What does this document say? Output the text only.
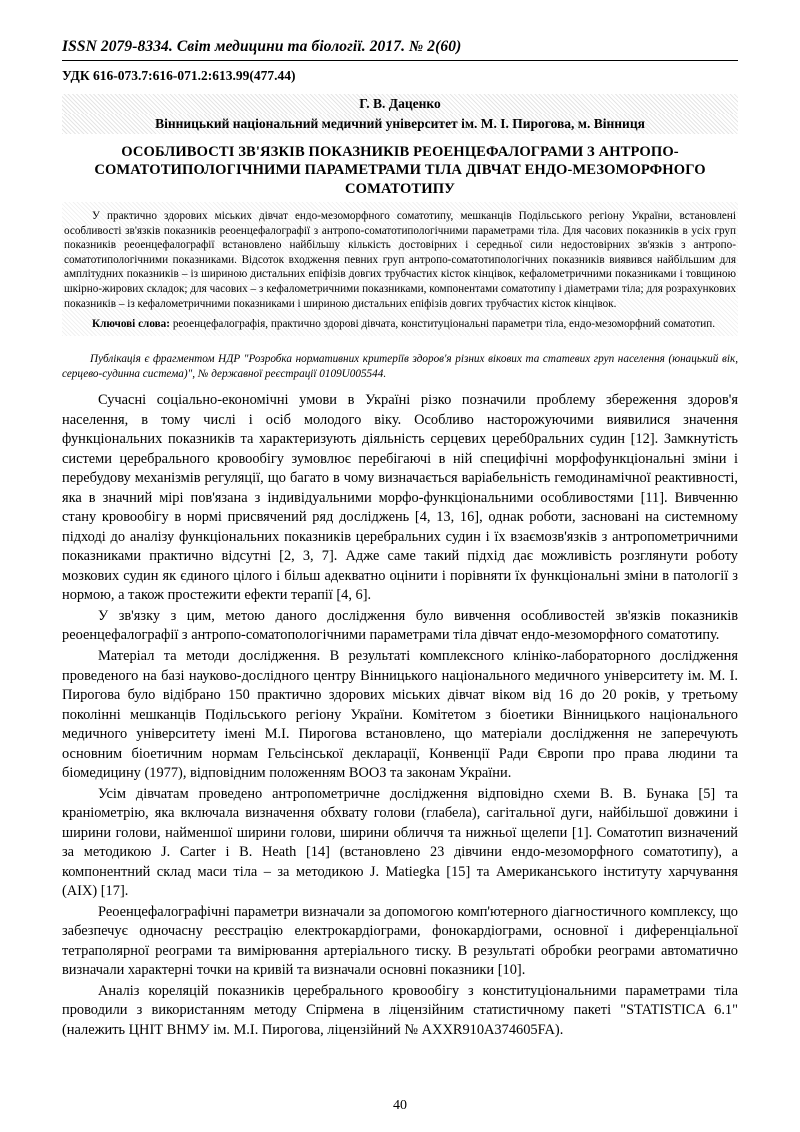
ISSN 2079-8334. Світ медицини та біології. 2017. № 2(60)
УДК 616-073.7:616-071.2:613.99(477.44)
Г. В. Даценко
Вінницький національний медичний університет ім. М. І. Пирогова, м. Вінниця
ОСОБЛИВОСТІ ЗВ'ЯЗКІВ ПОКАЗНИКІВ РЕОЕНЦЕФАЛОГРАМИ З АНТРОПО-СОМАТОТИПОЛОГІЧНИМИ ПАРАМЕТРАМИ ТІЛА ДІВЧАТ ЕНДО-МЕЗОМОРФНОГО СОМАТОТИПУ

У практично здорових міських дівчат ендо-мезоморфного соматотипу, мешканців Подільського регіону України, встановлені особливості зв'язків показників реоенцефалографії з антропо-соматотипологічними параметрами тіла. Для часових показників в усіх груп показників реоенцефалографії встановлено найбільшу кількість достовірних і середньої сили недостовірних зв'язків з антропо-соматотипологічними показниками. Відсоток входження певних груп антропо-соматотипологічних показників виявився найбільшим для амплітудних показників – із шириною дистальних епіфізів довгих трубчастих кісток кінцівок, кефалометричними показниками і товщиною шкірно-жирових складок; для часових – з кефалометричними показниками, компонентами соматотипу і діаметрами тіла; для розрахункових показників – із кефалометричними показниками і шириною дистальних епіфізів довгих трубчастих кісток кінцівок.

Ключові слова: реоенцефалографія, практично здорові дівчата, конституціональні параметри тіла, ендо-мезоморфний соматотип.

Публікація є фрагментом НДР "Розробка нормативних критеріїв здоров'я різних вікових та статевих груп населення (юнацький вік, серцево-судинна система)", № державної реєстрації 0109U005544.

Сучасні соціально-економічні умови в Україні різко позначили проблему збереження здоров'я населення, в тому числі і осіб молодого віку. Особливо насторожуючими виявилися значення функціональних показників та характеризують діяльність серцевих цереб0ральних судин [12]. Замкнутість системи церебрального кровообігу зумовлює перебігаючі в ній специфічні морфофункціональні зміни і перебудову механізмів регуляції, що багато в чому визначається варіабельність гемодинамічної реактивності, яка в значний мірі пов'язана з індивідуальними морфо-функціональними особливостями [11]. Вивченню стану кровообігу в нормі присвячений ряд досліджень [4, 13, 16], однак роботи, засновані на системному підході до аналізу функціональних показників церебральних судин і їх взаємозв'язків з антропометричними показниками практично відсутні [2, 3, 7]. Адже саме такий підхід дає можливість розглянути роботу мозкових судин як єдиного цілого і більш адекватно оцінити і порівняти їх функціональні зміни в патології з нормою, а також простежити ефекти терапії [4, 6].

У зв'язку з цим, метою даного дослідження було вивчення особливостей зв'язків показників реоенцефалографії з антропо-соматопологічними параметрами тіла дівчат ендо-мезоморфного соматотипу.

Матеріал та методи дослідження. В результаті комплексного клініко-лабораторного дослідження проведеного на базі науково-дослідного центру Вінницького національного медичного університету ім. М. І. Пирогова було відібрано 150 практично здорових міських дівчат віком від 16 до 20 років, у третьому поколінні мешканців Подільського регіону України. Комітетом з біоетики Вінницького національного медичного університету імені М.І. Пирогова встановлено, що матеріали дослідження не заперечують основним біоетичним нормам Гельсінської декларації, Конвенції Ради Європи про права людини та біомедицину (1977), відповідним положенням ВООЗ та законам України.

Усім дівчатам проведено антропометричне дослідження відповідно схеми В. В. Бунака [5] та краніометрію, яка включала визначення обхвату голови (глабела), сагітальної дуги, найбільшої довжини і ширини голови, найменшої ширини голови, ширини обличчя та нижньої щелепи [1]. Соматотип визначений за методикою J. Carter і B. Heath [14] (встановлено 23 дівчини ендо-мезоморфного соматотипу), а компонентний склад маси тіла – за методикою J. Matiegka [15] та Американського інституту харчування (AIX) [17].

Реоенцефалографічні параметри визначали за допомогою комп'ютерного діагностичного комплексу, що забезпечує одночасну реєстрацію електрокардіограми, фонокардіограми, основної і диференціальної тетраполярної реограми та вимірювання артеріального тиску. В результаті обробки реограми автоматично визначали характерні точки на кривій та визначали основні показники [10].

Аналіз кореляцій показників церебрального кровообігу з конституціональними параметрами тіла проводили з використанням методу Спірмена в ліцензійним статистичному пакеті "STATISTICA 6.1" (належить ЦНІТ ВНМУ ім. М.І. Пирогова, ліцензійний № AXXR910A374605FA).

40
